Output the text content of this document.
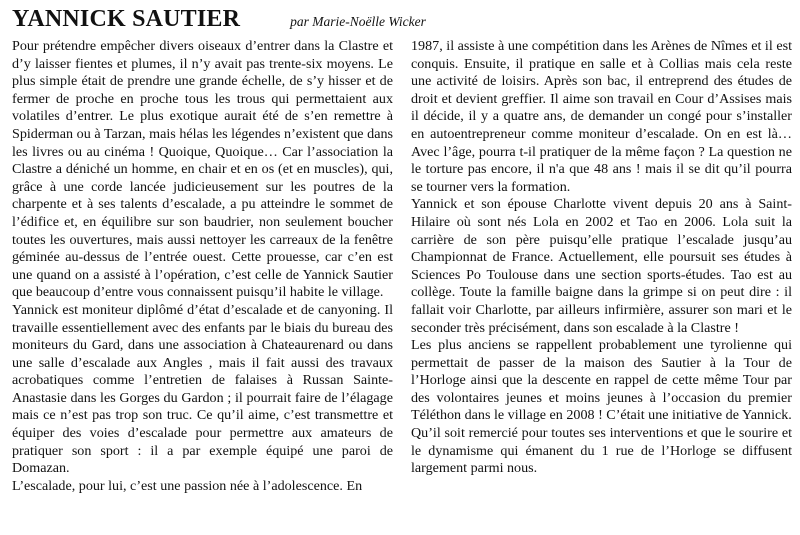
YANNICK SAUTIER	par Marie-Noëlle Wicker

Pour prétendre empêcher divers oiseaux d’entrer dans la Clastre et d’y laisser fientes et plumes, il n’y avait pas trente-six moyens. Le plus simple était de prendre une grande échelle, de s’y hisser et de fermer de proche en proche tous les trous qui permettaient aux volatiles d’entrer. Le plus exotique aurait été de s’en remettre à Spiderman ou à Tarzan, mais hélas les légendes n’existent que dans les livres ou au cinéma ! Quoique, Quoique… Car l’association la Clastre a déniché un homme, en chair et en os (et en muscles), qui, grâce à une corde lancée judicieusement sur les poutres de la charpente et à ses talents d’escalade, a pu atteindre le sommet de l’édifice et, en équilibre sur son baudrier, non seulement boucher toutes les ouvertures, mais aussi nettoyer les carreaux de la fenêtre géminée au-dessus de l’entrée ouest. Cette prouesse, car c’en est une quand on a assisté à l’opération, c’est celle de Yannick Sautier que beaucoup d’entre vous connaissent puisqu’il habite le village.

Yannick est moniteur diplômé d’état d’escalade et de canyoning. Il travaille essentiellement avec des enfants par le biais du bureau des moniteurs du Gard, dans une association à Chateaurenard ou dans une salle d’escalade aux Angles , mais il fait aussi des travaux acrobatiques comme l’entretien de falaises à Russan Sainte-Anastasie dans les Gorges du Gardon ; il pourrait faire de l’élagage mais ce n’est pas trop son truc. Ce qu’il aime, c’est transmettre et équiper des voies d’escalade pour permettre aux amateurs de pratiquer son sport : il a par exemple équipé une paroi de Domazan.

L’escalade, pour lui, c’est une passion née à l’adolescence. En

1987, il assiste à une compétition dans les Arènes de Nîmes et il est conquis. Ensuite, il pratique en salle et à Collias mais cela reste une activité de loisirs. Après son bac, il entreprend des études de droit et devient greffier. Il aime son travail en Cour d’Assises mais il décide, il y a quatre ans, de demander un congé pour s’installer en autoentrepreneur comme moniteur d’escalade. On en est là… Avec l’âge, pourra t-il pratiquer de la même façon ? La question ne le torture pas encore, il n'a que 48 ans ! mais il se dit qu’il pourra se tourner vers la formation.

Yannick et son épouse Charlotte vivent depuis 20 ans à Saint-Hilaire où sont nés Lola en 2002 et Tao en 2006. Lola suit la carrière de son père puisqu’elle pratique l’escalade jusqu’au Championnat de France. Actuellement, elle poursuit ses études à Sciences Po Toulouse dans une section sports-études. Tao est au collège. Toute la famille baigne dans la grimpe si on peut dire : il fallait voir Charlotte, par ailleurs infirmière, assurer son mari et le seconder très précisément, dans son escalade à la Clastre !

Les plus anciens se rappellent probablement une tyrolienne qui permettait de passer de la maison des Sautier à la Tour de l’Horloge ainsi que la descente en rappel de cette même Tour par des volontaires jeunes et moins jeunes à l’occasion du premier Téléthon dans le village en 2008 ! C’était une initiative de Yannick.

Qu’il soit remercié pour toutes ses interventions et que le sourire et le dynamisme qui émanent du 1 rue de l’Horloge se diffusent largement parmi nous.
